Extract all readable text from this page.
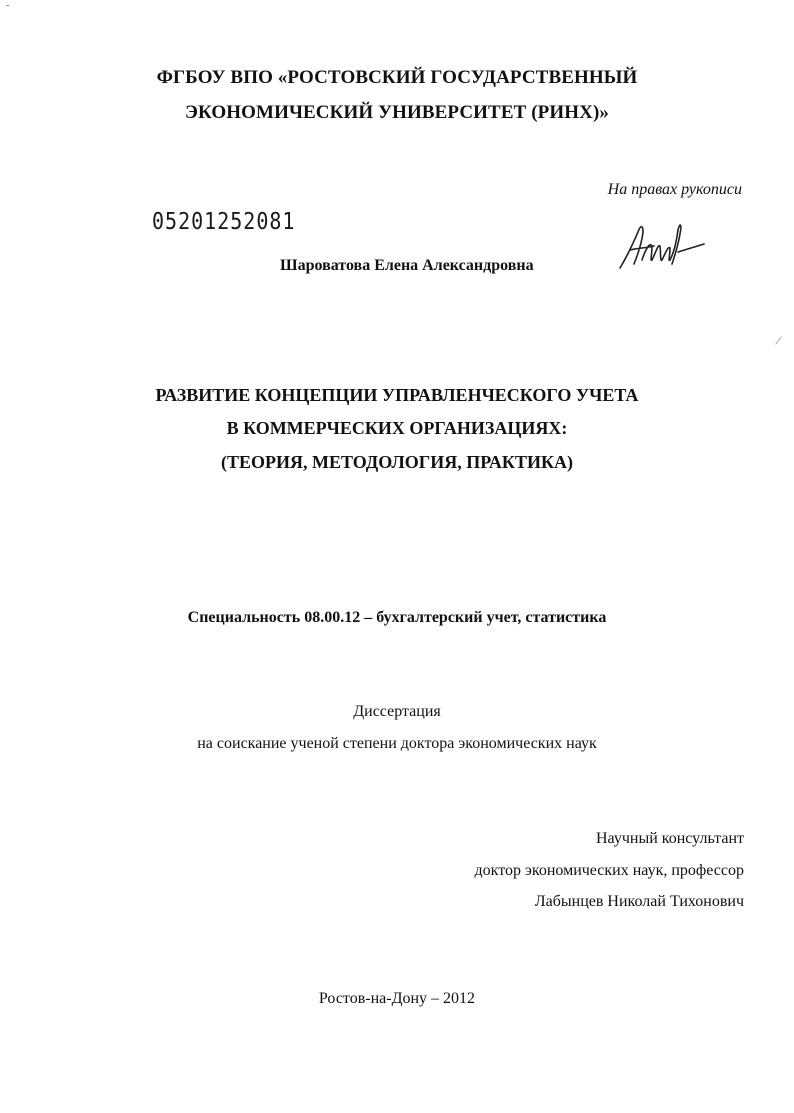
-
ФГБОУ ВПО «РОСТОВСКИЙ ГОСУДАРСТВЕННЫЙ
ЭКОНОМИЧЕСКИЙ УНИВЕРСИТЕТ (РИНХ)»
На правах рукописи
05201252081
Шароватова Елена Александровна
/
РАЗВИТИЕ КОНЦЕПЦИИ УПРАВЛЕНЧЕСКОГО УЧЕТА
В КОММЕРЧЕСКИХ ОРГАНИЗАЦИЯХ:
(ТЕОРИЯ, МЕТОДОЛОГИЯ, ПРАКТИКА)
Специальность 08.00.12 – бухгалтерский учет, статистика
Диссертация
на соискание ученой степени доктора экономических наук
Научный консультант
доктор экономических наук, профессор
Лабынцев Николай Тихонович
Ростов-на-Дону – 2012
